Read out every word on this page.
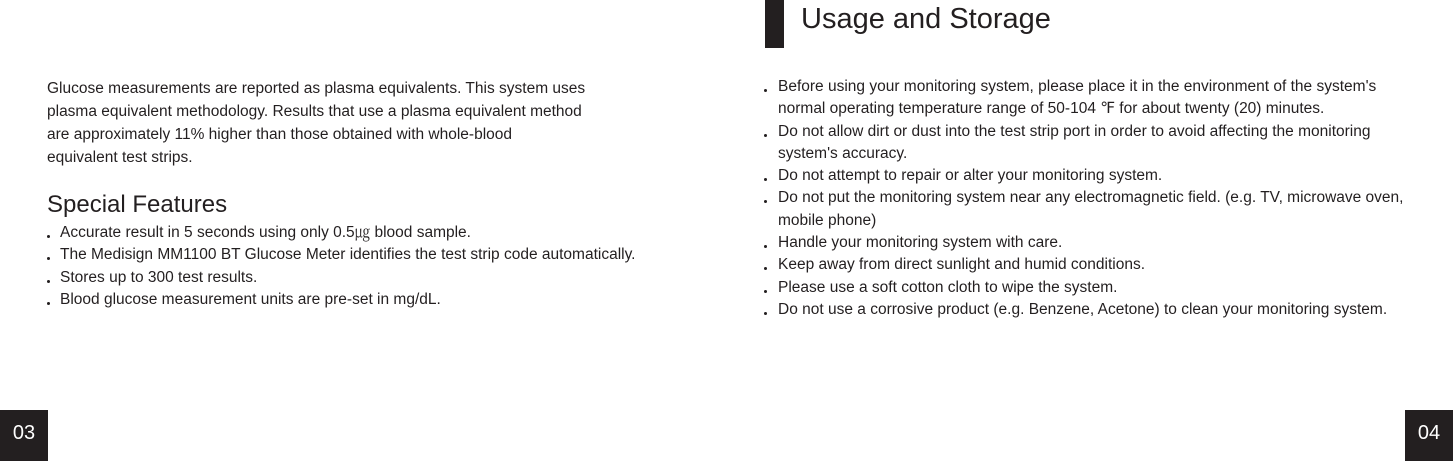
Glucose measurements are reported as plasma equivalents. This system uses
plasma equivalent methodology. Results that use a plasma equivalent method
are approximately 11% higher than those obtained with whole-blood
equivalent test strips.

Special Features
Accurate result in 5 seconds using only 0.5㎍ blood sample.
The Medisign MM1100 BT Glucose Meter identifies the test strip code automatically.
Stores up to 300 test results.
Blood glucose measurement units are pre-set in mg/dL.
03
Usage and Storage
Before using your monitoring system, please place it in the environment of the system's normal operating temperature range of 50-104 ℉ for about twenty (20) minutes.
Do not allow dirt or dust into the test strip port in order to avoid affecting the monitoring system's accuracy.
Do not attempt to repair or alter your monitoring system.
Do not put the monitoring system near any electromagnetic field. (e.g. TV, microwave oven, mobile phone)
Handle your monitoring system with care.
Keep away from direct sunlight and humid conditions.
Please use a soft cotton cloth to wipe the system.
Do not use a corrosive product (e.g. Benzene, Acetone) to clean your monitoring system.
04
